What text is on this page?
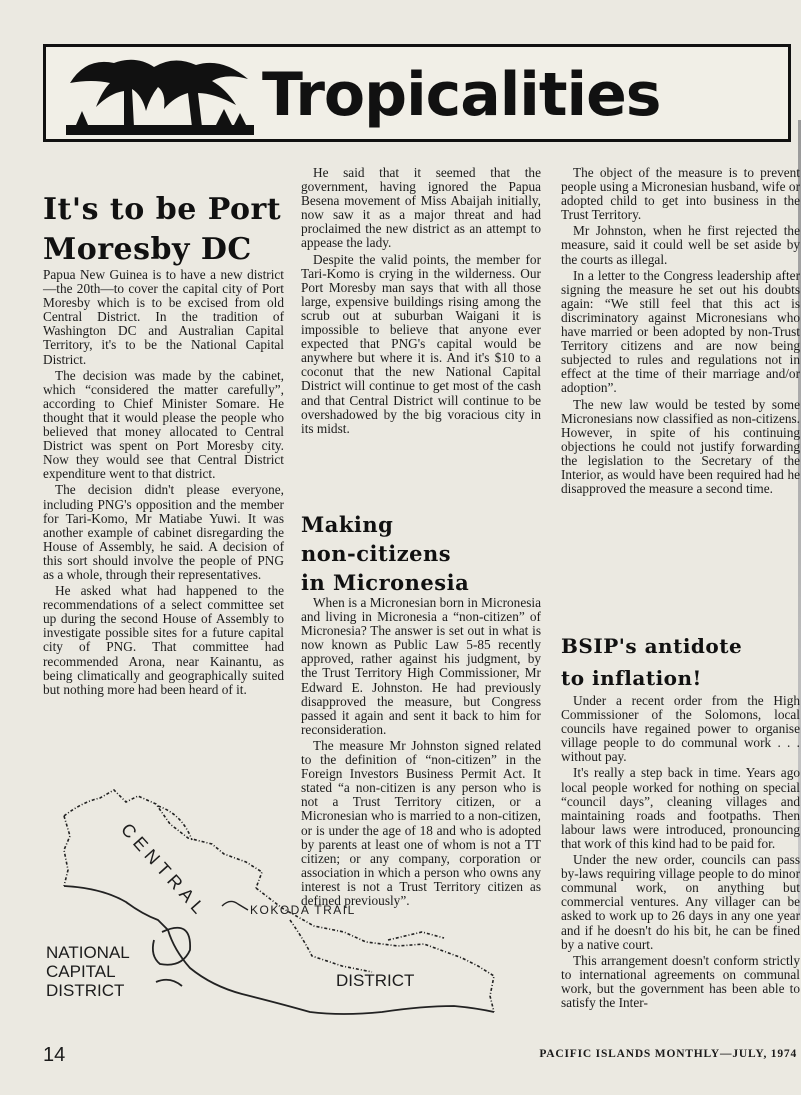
Tropicalities
It's to be Port
Moresby DC

Papua New Guinea is to have a new district—the 20th—to cover the capital city of Port Moresby which is to be excised from old Central District. In the tradition of Washington DC and Australian Capital Territory, it's to be the National Capital District.

The decision was made by the cabinet, which “considered the matter carefully”, according to Chief Minister Somare. He thought that it would please the people who believed that money allocated to Central District was spent on Port Moresby city. Now they would see that Central District expenditure went to that district.

The decision didn't please everyone, including PNG's opposition and the member for Tari-Komo, Mr Matiabe Yuwi. It was another example of cabinet disregarding the House of Assembly, he said. A decision of this sort should involve the people of PNG as a whole, through their representatives.

He asked what had happened to the recommendations of a select committee set up during the second House of Assembly to investigate possible sites for a future capital city of PNG. That committee had recommended Arona, near Kainantu, as being climatically and geographically suited but nothing more had been heard of it.

He said that it seemed that the government, having ignored the Papua Besena movement of Miss Abaijah initially, now saw it as a major threat and had proclaimed the new district as an attempt to appease the lady.

Despite the valid points, the member for Tari-Komo is crying in the wilderness. Our Port Moresby man says that with all those large, expensive buildings rising among the scrub out at suburban Waigani it is impossible to believe that anyone ever expected that PNG's capital would be anywhere but where it is. And it's $10 to a coconut that the new National Capital District will continue to get most of the cash and that Central District will continue to be overshadowed by the big voracious city in its midst.

Making
non-citizens
in Micronesia

When is a Micronesian born in Micronesia and living in Micronesia a “non-citizen” of Micronesia? The answer is set out in what is now known as Public Law 5-85 recently approved, rather against his judgment, by the Trust Territory High Commissioner, Mr Edward E. Johnston. He had previously disapproved the measure, but Congress passed it again and sent it back to him for reconsideration.

The measure Mr Johnston signed related to the definition of “non-citizen” in the Foreign Investors Business Permit Act. It stated “a non-citizen is any person who is not a Trust Territory citizen, or a Micronesian who is married to a non-citizen, or is under the age of 18 and who is adopted by parents at least one of whom is not a TT citizen; or any company, corporation or association in which a person who owns any interest is not a Trust Territory citizen as defined previously”.

The object of the measure is to prevent people using a Micronesian husband, wife or adopted child to get into business in the Trust Territory.

Mr Johnston, when he first rejected the measure, said it could well be set aside by the courts as illegal.

In a letter to the Congress leadership after signing the measure he set out his doubts again: “We still feel that this act is discriminatory against Micronesians who have married or been adopted by non-Trust Territory citizens and are now being subjected to rules and regulations not in effect at the time of their marriage and/or adoption”.

The new law would be tested by some Micronesians now classified as non-citizens. However, in spite of his continuing objections he could not justify forwarding the legislation to the Secretary of the Interior, as would have been required had he disapproved the measure a second time.

BSIP's antidote
to inflation!

Under a recent order from the High Commissioner of the Solomons, local councils have regained power to organise village people to do communal work . . . without pay.

It's really a step back in time. Years ago local people worked for nothing on special “council days”, cleaning villages and maintaining roads and footpaths. Then labour laws were introduced, pronouncing that work of this kind had to be paid for.

Under the new order, councils can pass by-laws requiring village people to do minor communal work, on anything but commercial ventures. Any villager can be asked to work up to 26 days in any one year and if he doesn't do his bit, he can be fined by a native court.

This arrangement doesn't conform strictly to international agreements on communal work, but the government has been able to satisfy the Inter-

CENTRAL	KOKODA TRAIL
NATIONAL
CAPITAL
DISTRICT
DISTRICT
14	PACIFIC ISLANDS MONTHLY—JULY, 1974
